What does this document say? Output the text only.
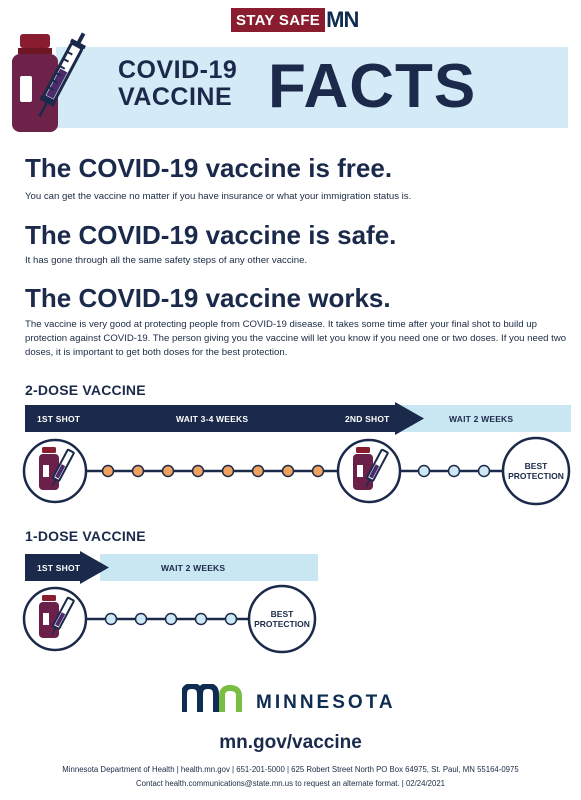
STAY SAFE MN
COVID-19
VACCINE FACTS
The COVID-19 vaccine is free.
You can get the vaccine no matter if you have insurance or what your immigration status is.
The COVID-19 vaccine is safe.
It has gone through all the same safety steps of any other vaccine.
The COVID-19 vaccine works.
The vaccine is very good at protecting people from COVID-19 disease. It takes some time after your final shot to build up protection against COVID-19. The person giving you the vaccine will let you know if you need one or two doses. If you need two doses, it is important to get both doses for the best protection.
2-DOSE VACCINE
1ST SHOT	WAIT 3-4 WEEKS	2ND SHOT	WAIT 2 WEEKS
BEST
PROTECTION
1-DOSE VACCINE
1ST SHOT	WAIT 2 WEEKS
BEST
PROTECTION
MINNESOTA
mn.gov/vaccine
Minnesota Department of Health | health.mn.gov | 651-201-5000 | 625 Robert Street North PO Box 64975, St. Paul, MN 55164-0975
Contact health.communications@state.mn.us to request an alternate format. | 02/24/2021
